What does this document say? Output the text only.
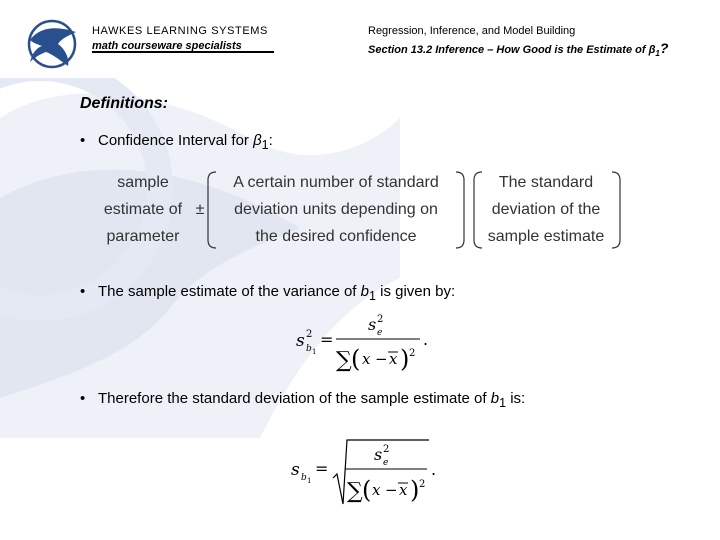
HAWKES LEARNING SYSTEMS
math courseware specialists
Regression, Inference, and Model Building
Section 13.2 Inference – How Good is the Estimate of $\beta_1$?
Definitions:
• Confidence Interval for $\beta_1$:
sample
estimate of
parameter
±
A certain number of standard
deviation units depending on
the desired confidence
The standard
deviation of the
sample estimate
• The sample estimate of the variance of $b_1$ is given by:
s 2
b 1
=
s 2
e
∑ ( x − x ) 2
.
• Therefore the standard deviation of the sample estimate of $b_1$ is:
s b 1
=
s 2
e
∑ ( x − x ) 2
.
